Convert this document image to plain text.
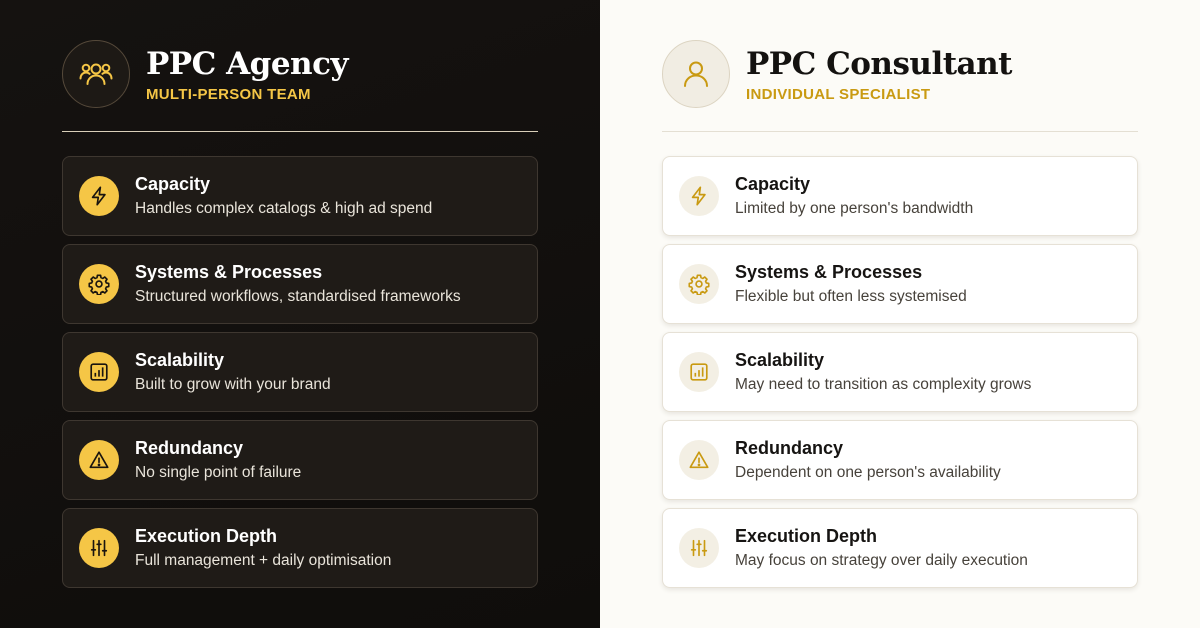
PPC Agency
MULTI-PERSON TEAM
Capacity
Handles complex catalogs & high ad spend
Systems & Processes
Structured workflows, standardised frameworks
Scalability
Built to grow with your brand
Redundancy
No single point of failure
Execution Depth
Full management + daily optimisation
PPC Consultant
INDIVIDUAL SPECIALIST
Capacity
Limited by one person's bandwidth
Systems & Processes
Flexible but often less systemised
Scalability
May need to transition as complexity grows
Redundancy
Dependent on one person's availability
Execution Depth
May focus on strategy over daily execution
